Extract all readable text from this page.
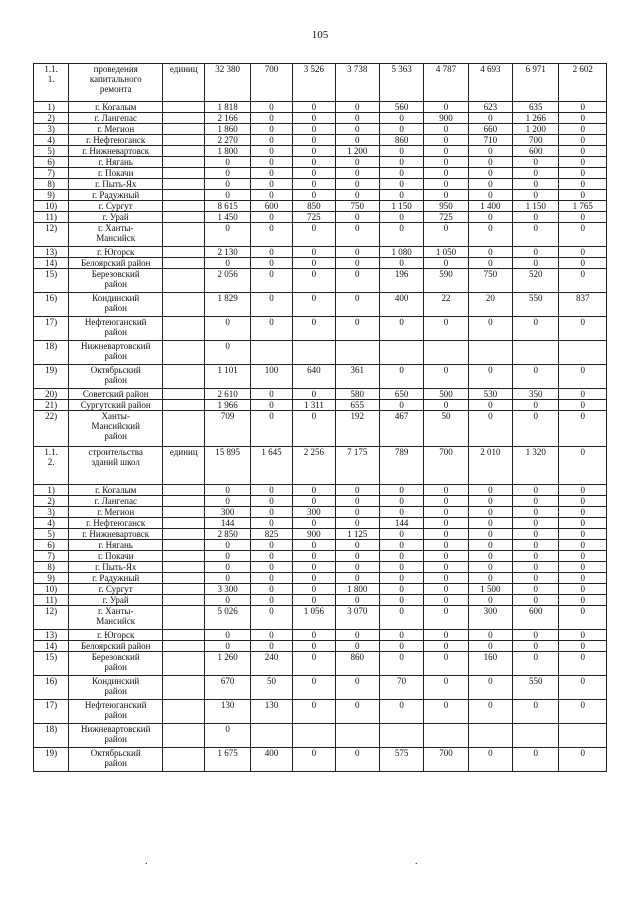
105
1.1.
1.	проведения
капитального
ремонта	единиц	32 380	700	3 526	3 738	5 363	4 787	4 693	6 971	2 602
1)	г. Когалым		1 818	0	0	0	560	0	623	635	0
2)	г. Лангепас		2 166	0	0	0	0	900	0	1 266	0
3)	г. Мегион		1 860	0	0	0	0	0	660	1 200	0
4)	г. Нефтеюганск		2 270	0	0	0	860	0	710	700	0
5)	г. Нижневартовск		1 800	0	0	1 200	0	0	0	600	0
6)	г. Нягань		0	0	0	0	0	0	0	0	0
7)	г. Покачи		0	0	0	0	0	0	0	0	0
8)	г. Пыть-Ях		0	0	0	0	0	0	0	0	0
9)	г. Радужный		0	0	0	0	0	0	0	0	0
10)	г. Сургут		8 615	600	850	750	1 150	950	1 400	1 150	1 765
11)	г. Урай		1 450	0	725	0	0	725	0	0	0
12)	г. Ханты-
Мансийск		0	0	0	0	0	0	0	0	0
13)	г. Югорск		2 130	0	0	0	1 080	1 050	0	0	0
14)	Белоярский район		0	0	0	0	0	0	0	0	0
15)	Березовский
район		2 056	0	0	0	196	590	750	520	0
16)	Кондинский
район		1 829	0	0	0	400	22	20	550	837
17)	Нефтеюганский
район		0	0	0	0	0	0	0	0	0
18)	Нижневартовский
район		0								
19)	Октябрьский
район		1 101	100	640	361	0	0	0	0	0
20)	Советский район		2 610	0	0	580	650	500	530	350	0
21)	Сургутский район		1 966	0	1 311	655	0	0	0	0	0
22)	Ханты-
Мансийский
район		709	0	0	192	467	50	0	0	0
1.1.
2.	строительства
зданий школ	единиц	15 895	1 645	2 256	7 175	789	700	2 010	1 320	0
1)	г. Когалым		0	0	0	0	0	0	0	0	0
2)	г. Лангепас		0	0	0	0	0	0	0	0	0
3)	г. Мегион		300	0	300	0	0	0	0	0	0
4)	г. Нефтеюганск		144	0	0	0	144	0	0	0	0
5)	г. Нижневартовск		2 850	825	900	1 125	0	0	0	0	0
6)	г. Нягань		0	0	0	0	0	0	0	0	0
7)	г. Покачи		0	0	0	0	0	0	0	0	0
8)	г. Пыть-Ях		0	0	0	0	0	0	0	0	0
9)	г. Радужный		0	0	0	0	0	0	0	0	0
10)	г. Сургут		3 300	0	0	1 800	0	0	1 500	0	0
11)	г. Урай		0	0	0	0	0	0	0	0	0
12)	г. Ханты-
Мансийск		5 026	0	1 056	3 070	0	0	300	600	0
13)	г. Югорск		0	0	0	0	0	0	0	0	0
14)	Белоярский район		0	0	0	0	0	0	0	0	0
15)	Березовский
район		1 260	240	0	860	0	0	160	0	0
16)	Кондинский
район		670	50	0	0	70	0	0	550	0
17)	Нефтеюганский
район		130	130	0	0	0	0	0	0	0
18)	Нижневартовский
район		0								
19)	Октябрьский
район		1 675	400	0	0	575	700	0	0	0
.	.
